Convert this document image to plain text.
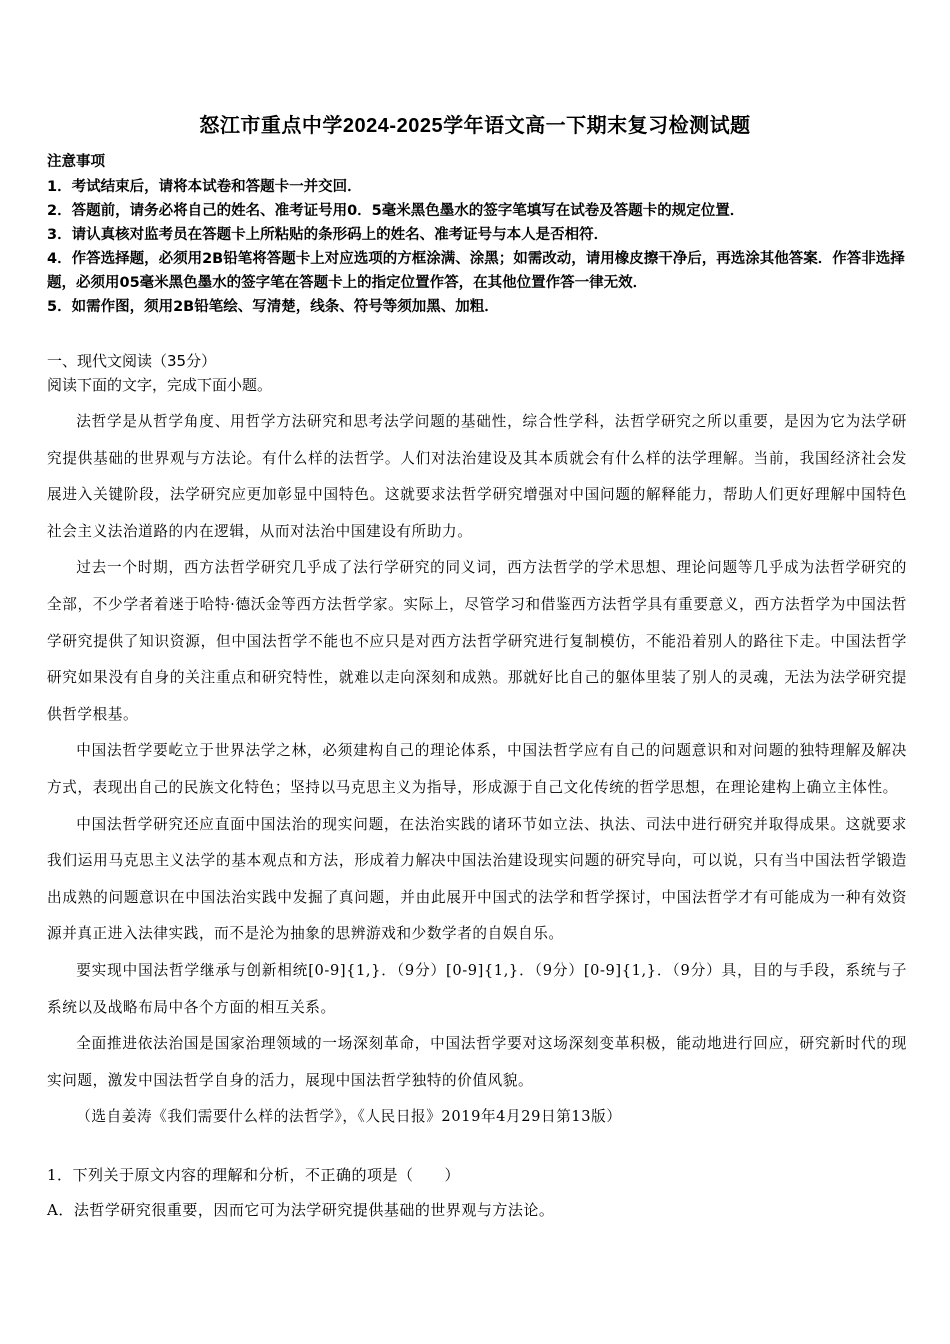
怒江市重点中学2024-2025学年语文高一下期末复习检测试题
注意事项
1．考试结束后，请将本试卷和答题卡一并交回．
2．答题前，请务必将自己的姓名、准考证号用0．5毫米黑色墨水的签字笔填写在试卷及答题卡的规定位置．
3．请认真核对监考员在答题卡上所粘贴的条形码上的姓名、准考证号与本人是否相符．
4．作答选择题，必须用2B铅笔将答题卡上对应选项的方框涂满、涂黑；如需改动，请用橡皮擦干净后，再选涂其他答案．作答非选择题，必须用05毫米黑色墨水的签字笔在答题卡上的指定位置作答，在其他位置作答一律无效．
5．如需作图，须用2B铅笔绘、写清楚，线条、符号等须加黑、加粗．
一、现代文阅读（35分）
阅读下面的文字，完成下面小题。

法哲学是从哲学角度、用哲学方法研究和思考法学问题的基础性，综合性学科，法哲学研究之所以重要，是因为它为法学研究提供基础的世界观与方法论。有什么样的法哲学。人们对法治建设及其本质就会有什么样的法学理解。当前，我国经济社会发展进入关键阶段，法学研究应更加彰显中国特色。这就要求法哲学研究增强对中国问题的解释能力，帮助人们更好理解中国特色社会主义法治道路的内在逻辑，从而对法治中国建设有所助力。

过去一个时期，西方法哲学研究几乎成了法行学研究的同义词，西方法哲学的学术思想、理论问题等几乎成为法哲学研究的全部，不少学者着迷于哈特·德沃金等西方法哲学家。实际上，尽管学习和借鉴西方法哲学具有重要意义，西方法哲学为中国法哲学研究提供了知识资源，但中国法哲学不能也不应只是对西方法哲学研究进行复制模仿，不能沿着别人的路往下走。中国法哲学研究如果没有自身的关注重点和研究特性，就难以走向深刻和成熟。那就好比自己的躯体里装了别人的灵魂，无法为法学研究提供哲学根基。

中国法哲学要屹立于世界法学之林，必须建构自己的理论体系，中国法哲学应有自己的问题意识和对问题的独特理解及解决方式，表现出自己的民族文化特色；坚持以马克思主义为指导，形成源于自己文化传统的哲学思想，在理论建构上确立主体性。

中国法哲学研究还应直面中国法治的现实问题，在法治实践的诸环节如立法、执法、司法中进行研究并取得成果。这就要求我们运用马克思主义法学的基本观点和方法，形成着力解决中国法治建设现实问题的研究导向，可以说，只有当中国法哲学锻造出成熟的问题意识在中国法治实践中发掘了真问题，并由此展开中国式的法学和哲学探讨，中国法哲学才有可能成为一种有效资源并真正进入法律实践，而不是沦为抽象的思辨游戏和少数学者的自娱自乐。

要实现中国法哲学继承与创新相统[0-9]{1,}．（9分）[0-9]{1,}．（9分）[0-9]{1,}．（9分）具，目的与手段，系统与子系统以及战略布局中各个方面的相互关系。

全面推进依法治国是国家治理领域的一场深刻革命，中国法哲学要对这场深刻变革积极，能动地进行回应，研究新时代的现实问题，激发中国法哲学自身的活力，展现中国法哲学独特的价值风貌。

（选自姜涛《我们需要什么样的法哲学》，《人民日报》2019年4月29日第13版）

1．下列关于原文内容的理解和分析，不正确的项是（　　）
A．法哲学研究很重要，因而它可为法学研究提供基础的世界观与方法论。
